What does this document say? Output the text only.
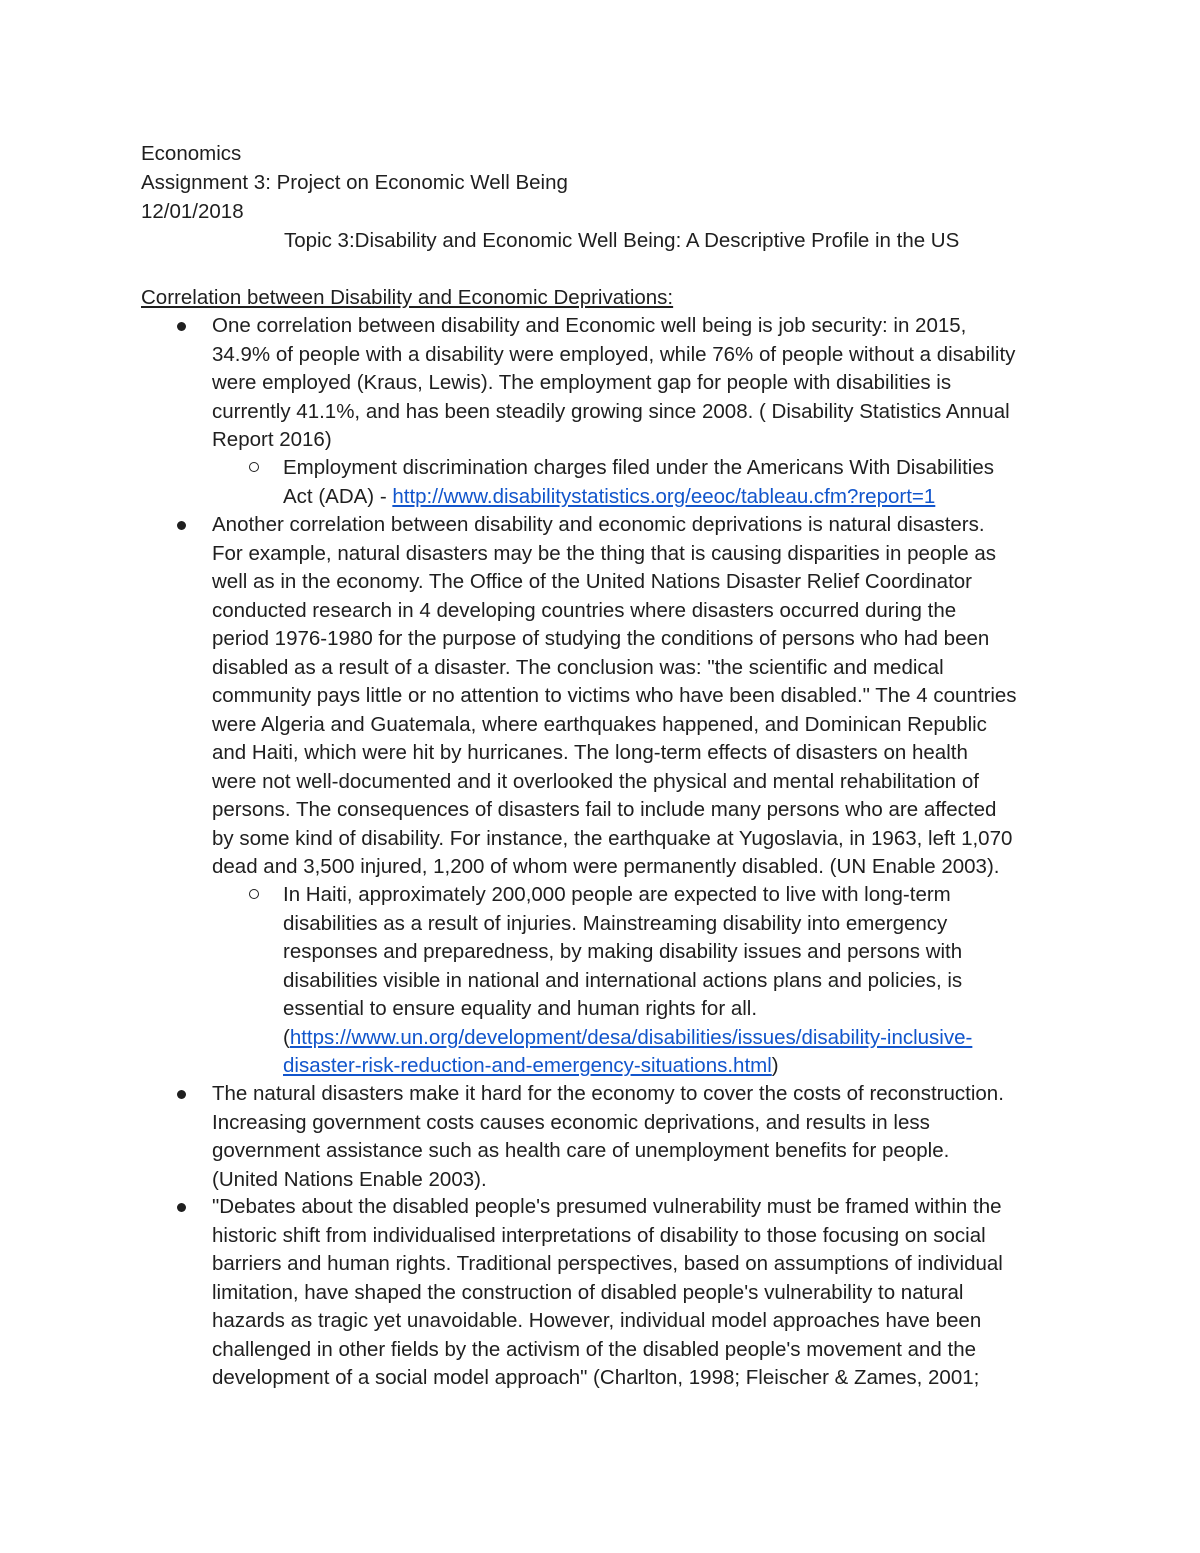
Economics
Assignment 3: Project on Economic Well Being
12/01/2018
Topic 3:Disability and Economic Well Being: A Descriptive Profile in the US
Correlation between Disability and Economic Deprivations:
One correlation between disability and Economic well being is job security: in 2015,
34.9% of people with a disability were employed, while 76% of people without a disability
were employed (Kraus, Lewis). The employment gap for people with disabilities is
currently 41.1%, and has been steadily growing since 2008. ( Disability Statistics Annual
Report 2016)
Employment discrimination charges filed under the Americans With Disabilities
Act (ADA) - http://www.disabilitystatistics.org/eeoc/tableau.cfm?report=1
Another correlation between disability and economic deprivations is natural disasters.
For example, natural disasters may be the thing that is causing disparities in people as
well as in the economy. The Office of the United Nations Disaster Relief Coordinator
conducted research in 4 developing countries where disasters occurred during the
period 1976-1980 for the purpose of studying the conditions of persons who had been
disabled as a result of a disaster. The conclusion was: "the scientific and medical
community pays little or no attention to victims who have been disabled." The 4 countries
were Algeria and Guatemala, where earthquakes happened, and Dominican Republic
and Haiti, which were hit by hurricanes. The long-term effects of disasters on health
were not well-documented and it overlooked the physical and mental rehabilitation of
persons. The consequences of disasters fail to include many persons who are affected
by some kind of disability. For instance, the earthquake at Yugoslavia, in 1963, left 1,070
dead and 3,500 injured, 1,200 of whom were permanently disabled. (UN Enable 2003).
In Haiti, approximately 200,000 people are expected to live with long-term
disabilities as a result of injuries. Mainstreaming disability into emergency
responses and preparedness, by making disability issues and persons with
disabilities visible in national and international actions plans and policies, is
essential to ensure equality and human rights for all.
(https://www.un.org/development/desa/disabilities/issues/disability-inclusive-
disaster-risk-reduction-and-emergency-situations.html)
The natural disasters make it hard for the economy to cover the costs of reconstruction.
Increasing government costs causes economic deprivations, and results in less
government assistance such as health care of unemployment benefits for people.
(United Nations Enable 2003).
"Debates about the disabled people's presumed vulnerability must be framed within the
historic shift from individualised interpretations of disability to those focusing on social
barriers and human rights. Traditional perspectives, based on assumptions of individual
limitation, have shaped the construction of disabled people's vulnerability to natural
hazards as tragic yet unavoidable. However, individual model approaches have been
challenged in other fields by the activism of the disabled people's movement and the
development of a social model approach" (Charlton, 1998; Fleischer & Zames, 2001;
